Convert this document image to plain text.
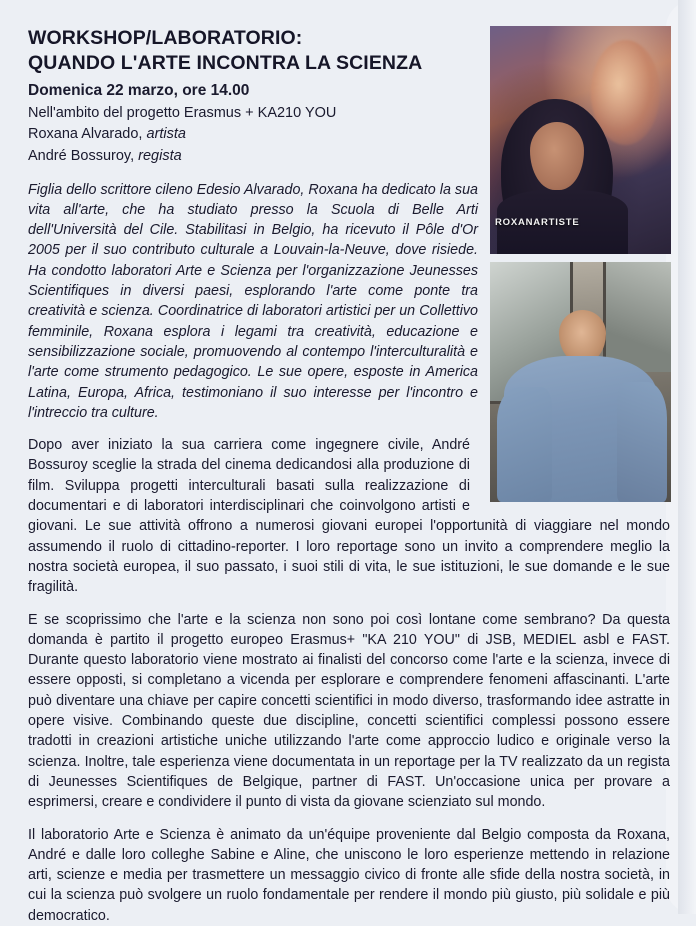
ROXANARTISTE
WORKSHOP/LABORATORIO:
QUANDO L'ARTE INCONTRA LA SCIENZA
Domenica 22 marzo, ore 14.00
Nell'ambito del progetto Erasmus + KA210 YOU
Roxana Alvarado, artista
André Bossuroy, regista

Figlia dello scrittore cileno Edesio Alvarado, Roxana ha dedicato la sua vita all'arte, che ha studiato presso la Scuola di Belle Arti dell'Università del Cile. Stabilitasi in Belgio, ha ricevuto il Pôle d'Or 2005 per il suo contributo culturale a Louvain-la-Neuve, dove risiede. Ha condotto laboratori Arte e Scienza per l'organizzazione Jeunesses Scientifiques in diversi paesi, esplorando l'arte come ponte tra creatività e scienza. Coordinatrice di laboratori artistici per un Collettivo femminile, Roxana esplora i legami tra creatività, educazione e sensibilizzazione sociale, promuovendo al contempo l'interculturalità e l'arte come strumento pedagogico. Le sue opere, esposte in America Latina, Europa, Africa, testimoniano il suo interesse per l'incontro e l'intreccio tra culture.

Dopo aver iniziato la sua carriera come ingegnere civile, André Bossuroy sceglie la strada del cinema dedicandosi alla produzione di film. Sviluppa progetti interculturali basati sulla realizzazione di documentari e di laboratori interdisciplinari che coinvolgono artisti e giovani. Le sue attività offrono a numerosi giovani europei l'opportunità di viaggiare nel mondo assumendo il ruolo di cittadino-reporter. I loro reportage sono un invito a comprendere meglio la nostra società europea, il suo passato, i suoi stili di vita, le sue istituzioni, le sue domande e le sue fragilità.

E se scoprissimo che l'arte e la scienza non sono poi così lontane come sembrano? Da questa domanda è partito il progetto europeo Erasmus+ "KA 210 YOU" di JSB, MEDIEL asbl e FAST. Durante questo laboratorio viene mostrato ai finalisti del concorso come l'arte e la scienza, invece di essere opposti, si completano a vicenda per esplorare e comprendere fenomeni affascinanti. L'arte può diventare una chiave per capire concetti scientifici in modo diverso, trasformando idee astratte in opere visive. Combinando queste due discipline, concetti scientifici complessi possono essere tradotti in creazioni artistiche uniche utilizzando l'arte come approccio ludico e originale verso la scienza. Inoltre, tale esperienza viene documentata in un reportage per la TV realizzato da un regista di Jeunesses Scientifiques de Belgique, partner di FAST. Un'occasione unica per provare a esprimersi, creare e condividere il punto di vista da giovane scienziato sul mondo.

Il laboratorio Arte e Scienza è animato da un'équipe proveniente dal Belgio composta da Roxana, André e dalle loro colleghe Sabine e Aline, che uniscono le loro esperienze mettendo in relazione arti, scienze e media per trasmettere un messaggio civico di fronte alle sfide della nostra società, in cui la scienza può svolgere un ruolo fondamentale per rendere il mondo più giusto, più solidale e più democratico.
